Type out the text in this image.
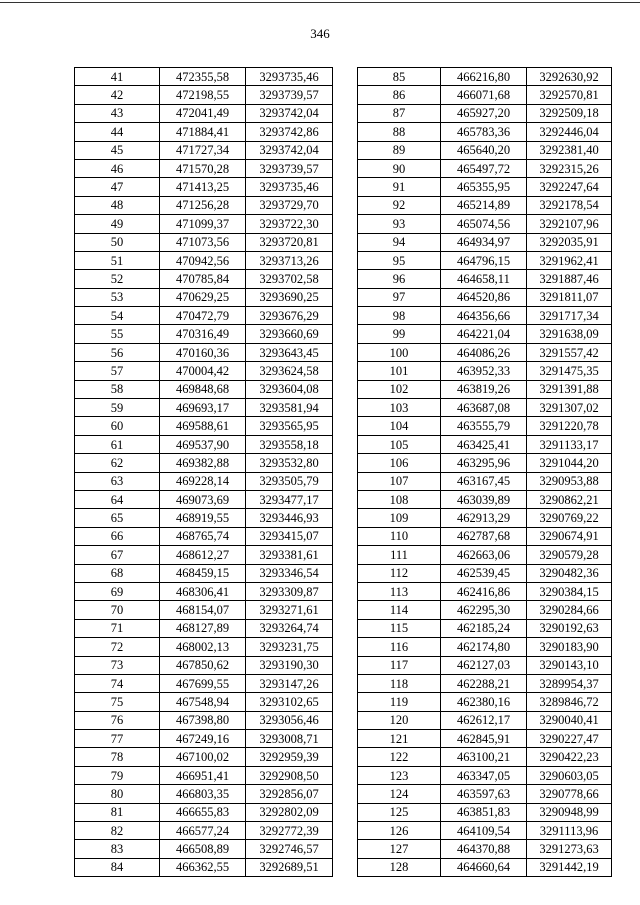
346
41	472355,58	3293735,46
42	472198,55	3293739,57
43	472041,49	3293742,04
44	471884,41	3293742,86
45	471727,34	3293742,04
46	471570,28	3293739,57
47	471413,25	3293735,46
48	471256,28	3293729,70
49	471099,37	3293722,30
50	471073,56	3293720,81
51	470942,56	3293713,26
52	470785,84	3293702,58
53	470629,25	3293690,25
54	470472,79	3293676,29
55	470316,49	3293660,69
56	470160,36	3293643,45
57	470004,42	3293624,58
58	469848,68	3293604,08
59	469693,17	3293581,94
60	469588,61	3293565,95
61	469537,90	3293558,18
62	469382,88	3293532,80
63	469228,14	3293505,79
64	469073,69	3293477,17
65	468919,55	3293446,93
66	468765,74	3293415,07
67	468612,27	3293381,61
68	468459,15	3293346,54
69	468306,41	3293309,87
70	468154,07	3293271,61
71	468127,89	3293264,74
72	468002,13	3293231,75
73	467850,62	3293190,30
74	467699,55	3293147,26
75	467548,94	3293102,65
76	467398,80	3293056,46
77	467249,16	3293008,71
78	467100,02	3292959,39
79	466951,41	3292908,50
80	466803,35	3292856,07
81	466655,83	3292802,09
82	466577,24	3292772,39
83	466508,89	3292746,57
84	466362,55	3292689,51
85	466216,80	3292630,92
86	466071,68	3292570,81
87	465927,20	3292509,18
88	465783,36	3292446,04
89	465640,20	3292381,40
90	465497,72	3292315,26
91	465355,95	3292247,64
92	465214,89	3292178,54
93	465074,56	3292107,96
94	464934,97	3292035,91
95	464796,15	3291962,41
96	464658,11	3291887,46
97	464520,86	3291811,07
98	464356,66	3291717,34
99	464221,04	3291638,09
100	464086,26	3291557,42
101	463952,33	3291475,35
102	463819,26	3291391,88
103	463687,08	3291307,02
104	463555,79	3291220,78
105	463425,41	3291133,17
106	463295,96	3291044,20
107	463167,45	3290953,88
108	463039,89	3290862,21
109	462913,29	3290769,22
110	462787,68	3290674,91
111	462663,06	3290579,28
112	462539,45	3290482,36
113	462416,86	3290384,15
114	462295,30	3290284,66
115	462185,24	3290192,63
116	462174,80	3290183,90
117	462127,03	3290143,10
118	462288,21	3289954,37
119	462380,16	3289846,72
120	462612,17	3290040,41
121	462845,91	3290227,47
122	463100,21	3290422,23
123	463347,05	3290603,05
124	463597,63	3290778,66
125	463851,83	3290948,99
126	464109,54	3291113,96
127	464370,88	3291273,63
128	464660,64	3291442,19
